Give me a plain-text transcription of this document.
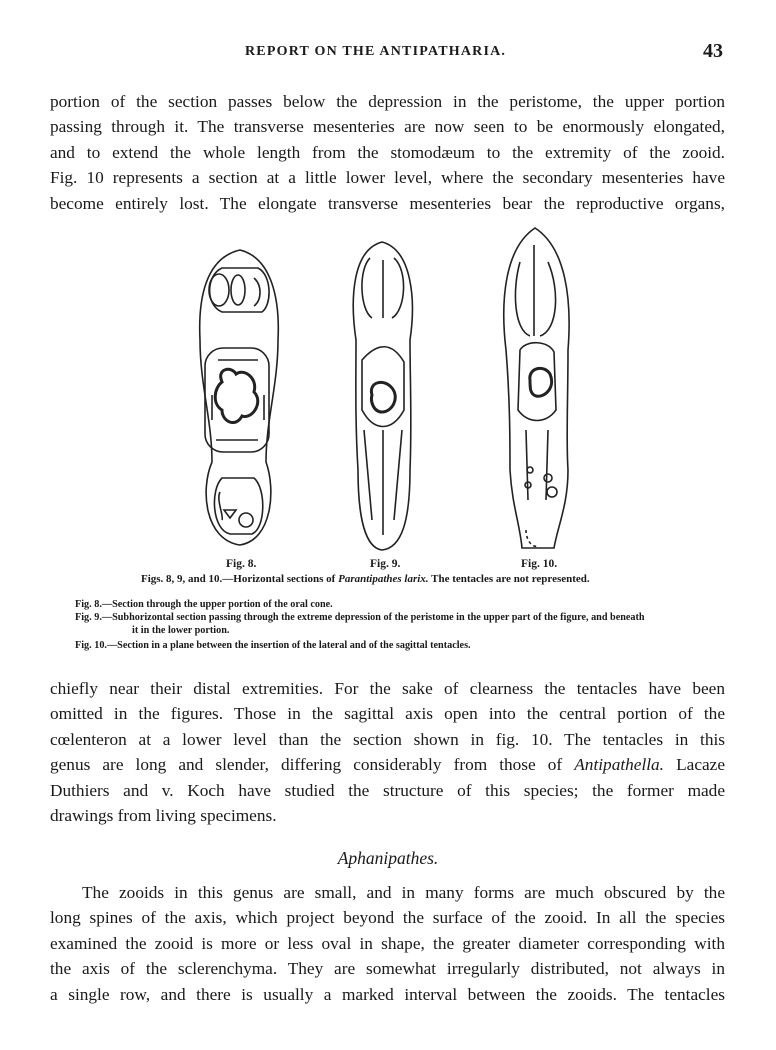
REPORT ON THE ANTIPATHARIA.	43
portion of the section passes below the depression in the peristome, the upper portion
passing through it. The transverse mesenteries are now seen to be enormously elongated,
and to extend the whole length from the stomodæum to the extremity of the zooid.
Fig. 10 represents a section at a little lower level, where the secondary mesenteries have
become entirely lost. The elongate transverse mesenteries bear the reproductive organs,
Fig. 8.	Fig. 9.	Fig. 10.
Figs. 8, 9, and 10.—Horizontal sections of Parantipathes larix. The tentacles are not represented.
Fig. 8.—Section through the upper portion of the oral cone.
Fig. 9.—Subhorizontal section passing through the extreme depression of the peristome in the upper part of the figure, and beneath
it in the lower portion.
Fig. 10.—Section in a plane between the insertion of the lateral and of the sagittal tentacles.
chiefly near their distal extremities. For the sake of clearness the tentacles have been
omitted in the figures. Those in the sagittal axis open into the central portion of the
cœlenteron at a lower level than the section shown in fig. 10. The tentacles in this
genus are long and slender, differing considerably from those of Antipathella. Lacaze
Duthiers and v. Koch have studied the structure of this species; the former made
drawings from living specimens.
Aphanipathes.
The zooids in this genus are small, and in many forms are much obscured by the
long spines of the axis, which project beyond the surface of the zooid. In all the species
examined the zooid is more or less oval in shape, the greater diameter corresponding with
the axis of the sclerenchyma. They are somewhat irregularly distributed, not always in
a single row, and there is usually a marked interval between the zooids. The tentacles
